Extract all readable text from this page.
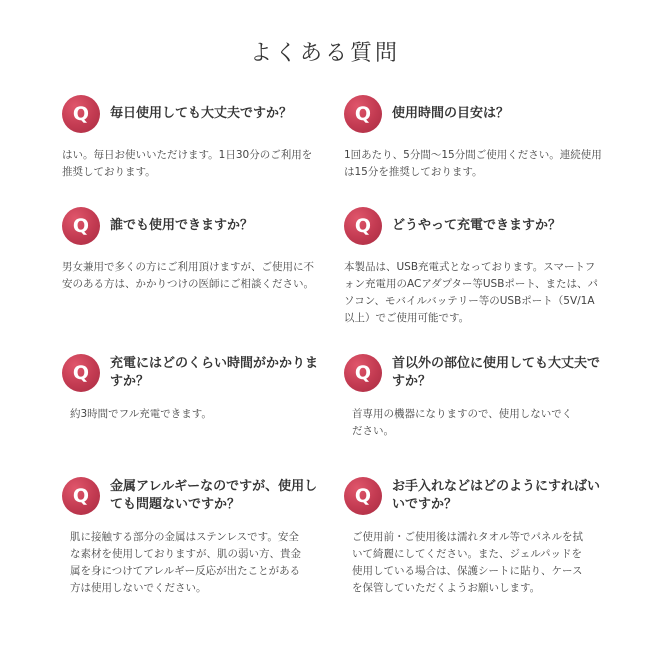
よくある質問
Q	毎日使用しても大丈夫ですか？

はい。毎日お使いいただけます。1日30分のご利用を推奨しております。

Q	使用時間の目安は？

1回あたり、5分間〜15分間ご使用ください。連続使用は15分を推奨しております。

Q	誰でも使用できますか？

男女兼用で多くの方にご利用頂けますが、ご使用に不安のある方は、かかりつけの医師にご相談ください。

Q	どうやって充電できますか？

本製品は、USB充電式となっております。スマートフォン充電用のACアダプター等USBポート、または、パソコン、モバイルバッテリー等のUSBポート（5V/1A以上）でご使用可能です。

Q	充電にはどのくらい時間がかかりますか？

約3時間でフル充電できます。

Q	首以外の部位に使用しても大丈夫ですか？

首専用の機器になりますので、使用しないでください。

Q	金属アレルギーなのですが、使用しても問題ないですか？

肌に接触する部分の金属はステンレスです。安全な素材を使用しておりますが、肌の弱い方、貴金属を身につけてアレルギー反応が出たことがある方は使用しないでください。

Q	お手入れなどはどのようにすればいいですか？

ご使用前・ご使用後は濡れタオル等でパネルを拭いて綺麗にしてください。また、ジェルパッドを使用している場合は、保護シートに貼り、ケースを保管していただくようお願いします。
